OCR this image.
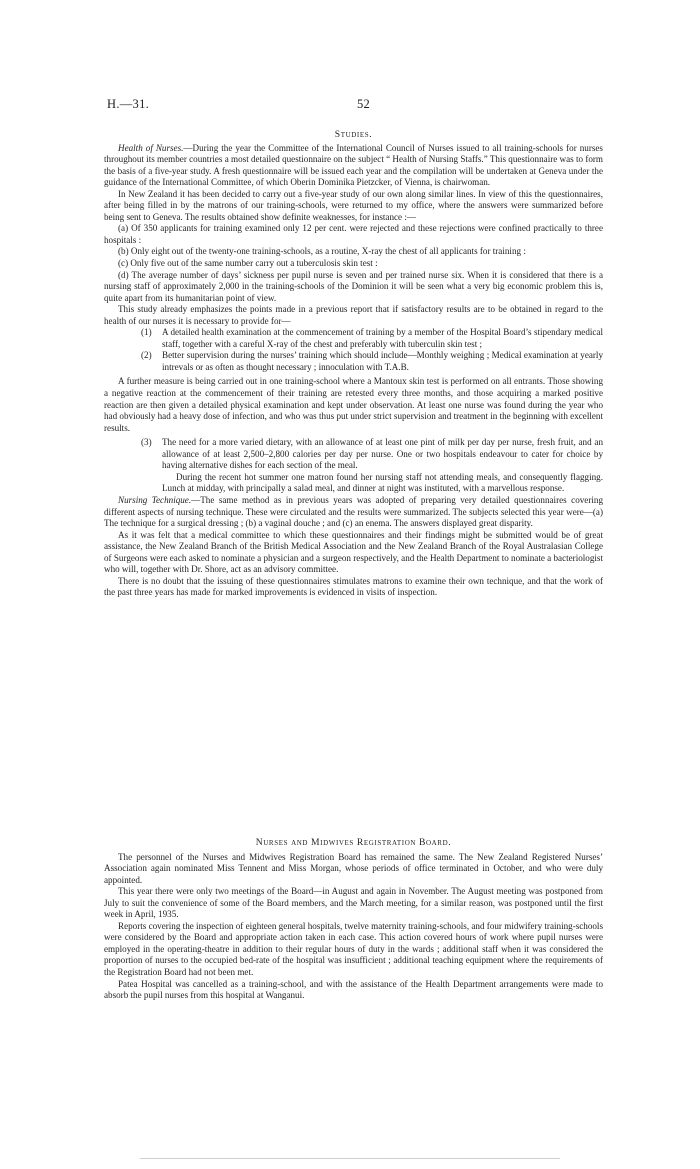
H.—31.	52
Studies.

Health of Nurses.—During the year the Committee of the International Council of Nurses issued to all training-schools for nurses throughout its member countries a most detailed questionnaire on the subject “ Health of Nursing Staffs.” This questionnaire was to form the basis of a five-year study. A fresh questionnaire will be issued each year and the compilation will be undertaken at Geneva under the guidance of the International Committee, of which Oberin Dominika Pietzcker, of Vienna, is chairwoman.

In New Zealand it has been decided to carry out a five-year study of our own along similar lines. In view of this the questionnaires, after being filled in by the matrons of our training-schools, were returned to my office, where the answers were summarized before being sent to Geneva. The results obtained show definite weaknesses, for instance :—

(a) Of 350 applicants for training examined only 12 per cent. were rejected and these rejections were confined practically to three hospitals :

(b) Only eight out of the twenty-one training-schools, as a routine, X-ray the chest of all applicants for training :

(c) Only five out of the same number carry out a tuberculosis skin test :

(d) The average number of days’ sickness per pupil nurse is seven and per trained nurse six. When it is considered that there is a nursing staff of approximately 2,000 in the training-schools of the Dominion it will be seen what a very big economic problem this is, quite apart from its humanitarian point of view.

This study already emphasizes the points made in a previous report that if satisfactory results are to be obtained in regard to the health of our nurses it is necessary to provide for—

(1) A detailed health examination at the commencement of training by a member of the Hospital Board’s stipendary medical staff, together with a careful X-ray of the chest and preferably with tuberculin skin test ;

(2) Better supervision during the nurses’ training which should include—Monthly weighing ; Medical examination at yearly intrevals or as often as thought necessary ; innoculation with T.A.B.

A further measure is being carried out in one training-school where a Mantoux skin test is performed on all entrants. Those showing a negative reaction at the commencement of their training are retested every three months, and those acquiring a marked positive reaction are then given a detailed physical examination and kept under observation. At least one nurse was found during the year who had obviously had a heavy dose of infection, and who was thus put under strict supervision and treatment in the beginning with excellent results.

(3) The need for a more varied dietary, with an allowance of at least one pint of milk per day per nurse, fresh fruit, and an allowance of at least 2,500–2,800 calories per day per nurse. One or two hospitals endeavour to cater for choice by having alternative dishes for each section of the meal.

During the recent hot summer one matron found her nursing staff not attending meals, and consequently flagging. Lunch at midday, with principally a salad meal, and dinner at night was instituted, with a marvellous response.

Nursing Technique.—The same method as in previous years was adopted of preparing very detailed questionnaires covering different aspects of nursing technique. These were circulated and the results were summarized. The subjects selected this year were—(a) The technique for a surgical dressing ; (b) a vaginal douche ; and (c) an enema. The answers displayed great disparity.

As it was felt that a medical committee to which these questionnaires and their findings might be submitted would be of great assistance, the New Zealand Branch of the British Medical Association and the New Zealand Branch of the Royal Australasian College of Surgeons were each asked to nominate a physician and a surgeon respectively, and the Health Department to nominate a bacteriologist who will, together with Dr. Shore, act as an advisory committee.

There is no doubt that the issuing of these questionnaires stimulates matrons to examine their own technique, and that the work of the past three years has made for marked improvements is evidenced in visits of inspection.

Nurses and Midwives Registration Board.

The personnel of the Nurses and Midwives Registration Board has remained the same. The New Zealand Registered Nurses’ Association again nominated Miss Tennent and Miss Morgan, whose periods of office terminated in October, and who were duly appointed.

This year there were only two meetings of the Board—in August and again in November. The August meeting was postponed from July to suit the convenience of some of the Board members, and the March meeting, for a similar reason, was postponed until the first week in April, 1935.

Reports covering the inspection of eighteen general hospitals, twelve maternity training-schools, and four midwifery training-schools were considered by the Board and appropriate action taken in each case. This action covered hours of work where pupil nurses were employed in the operating-theatre in addition to their regular hours of duty in the wards ; additional staff when it was considered the proportion of nurses to the occupied bed-rate of the hospital was insufficient ; additional teaching equipment where the requirements of the Registration Board had not been met.

Patea Hospital was cancelled as a training-school, and with the assistance of the Health Department arrangements were made to absorb the pupil nurses from this hospital at Wanganui.
